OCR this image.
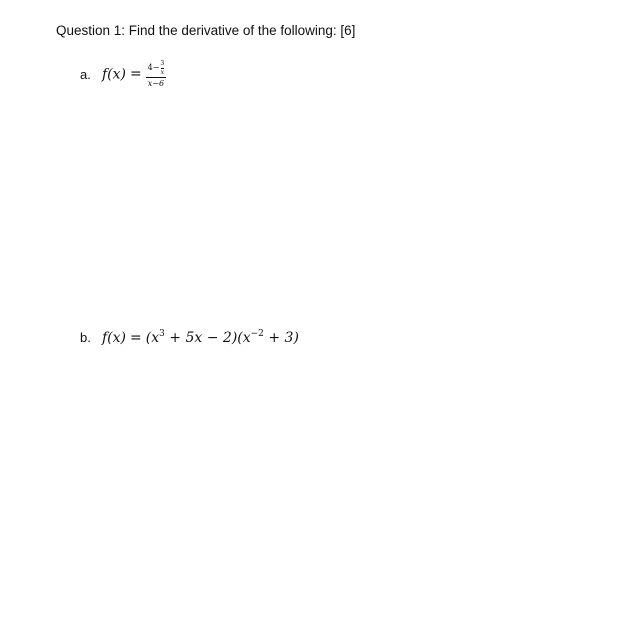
Question 1: Find the derivative of the following: [6]
a. $f(x) = \frac{4 - \frac{3}{x}}{x-6}$
b. $f(x) = (x^3 + 5x - 2)(x^{-2} + 3)$
